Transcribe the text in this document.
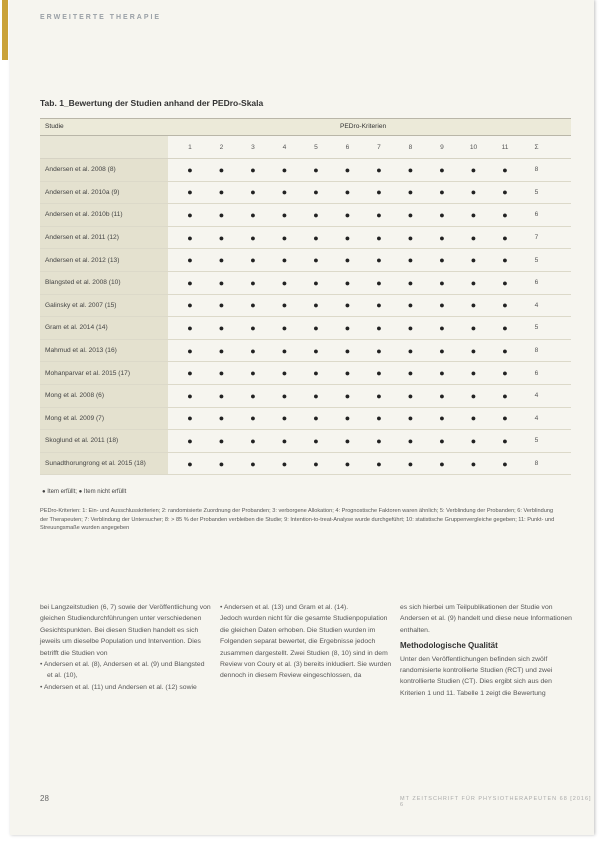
ERWEITERTE THERAPIE
Tab. 1_Bewertung der Studien anhand der PEDro-Skala
Studie	PEDro-Kriterien
1	2	3	4	5	6	7	8	9	10	11	Σ
Andersen et al. 2008 (8)	●	●	●	●	●	●	●	●	●	●	●	8
Andersen et al. 2010a (9)	●	●	●	●	●	●	●	●	●	●	●	5
Andersen et al. 2010b (11)	●	●	●	●	●	●	●	●	●	●	●	6
Andersen et al. 2011 (12)	●	●	●	●	●	●	●	●	●	●	●	7
Andersen et al. 2012 (13)	●	●	●	●	●	●	●	●	●	●	●	5
Blangsted et al. 2008 (10)	●	●	●	●	●	●	●	●	●	●	●	6
Galinsky et al. 2007 (15)	●	●	●	●	●	●	●	●	●	●	●	4
Gram et al. 2014 (14)	●	●	●	●	●	●	●	●	●	●	●	5
Mahmud et al. 2013 (16)	●	●	●	●	●	●	●	●	●	●	●	8
Mohanparvar et al. 2015 (17)	●	●	●	●	●	●	●	●	●	●	●	6
Mong et al. 2008 (6)	●	●	●	●	●	●	●	●	●	●	●	4
Mong et al. 2009 (7)	●	●	●	●	●	●	●	●	●	●	●	4
Skoglund et al. 2011 (18)	●	●	●	●	●	●	●	●	●	●	●	5
Sunadthorungrong et al. 2015 (18)	●	●	●	●	●	●	●	●	●	●	●	8
● Item erfüllt; ● Item nicht erfüllt
PEDro-Kriterien: 1: Ein- und Ausschlusskriterien; 2: randomisierte Zuordnung der Probanden; 3: verborgene Allokation; 4: Prognostische Faktoren waren ähnlich; 5: Verblindung der Probanden; 6: Verblindung der Therapeuten; 7: Verblindung der Untersucher; 8: > 85 % der Probanden verbleiben die Studie; 9: Intention-to-treat-Analyse wurde durchgeführt; 10: statistische Gruppenvergleiche gegeben; 11: Punkt- und Streuungsmaße wurden angegeben

bei Langzeitstudien (6, 7) sowie der Veröffentlichung von gleichen Studiendurchführungen unter verschiedenen Gesichtspunkten. Bei diesen Studien handelt es sich jeweils um dieselbe Population und Intervention. Dies betrifft die Studien von

• Andersen et al. (8), Andersen et al. (9) und Blangsted et al. (10),

• Andersen et al. (11) und Andersen et al. (12) sowie

• Andersen et al. (13) und Gram et al. (14).

Jedoch wurden nicht für die gesamte Studienpopulation die gleichen Daten erhoben. Die Studien wurden im Folgenden separat bewertet, die Ergebnisse jedoch zusammen dargestellt. Zwei Studien (8, 10) sind in dem Review von Coury et al. (3) bereits inkludiert. Sie wurden dennoch in diesem Review eingeschlossen, da

es sich hierbei um Teilpublikationen der Studie von Andersen et al. (9) handelt und diese neue Informationen enthalten.

Methodologische Qualität

Unter den Veröffentlichungen befinden sich zwölf randomisierte kontrollierte Studien (RCT) und zwei kontrollierte Studien (CT). Dies ergibt sich aus den Kriterien 1 und 11. Tabelle 1 zeigt die Bewertung

28	MT ZEITSCHRIFT FÜR PHYSIOTHERAPEUTEN 68 [2016] 6
